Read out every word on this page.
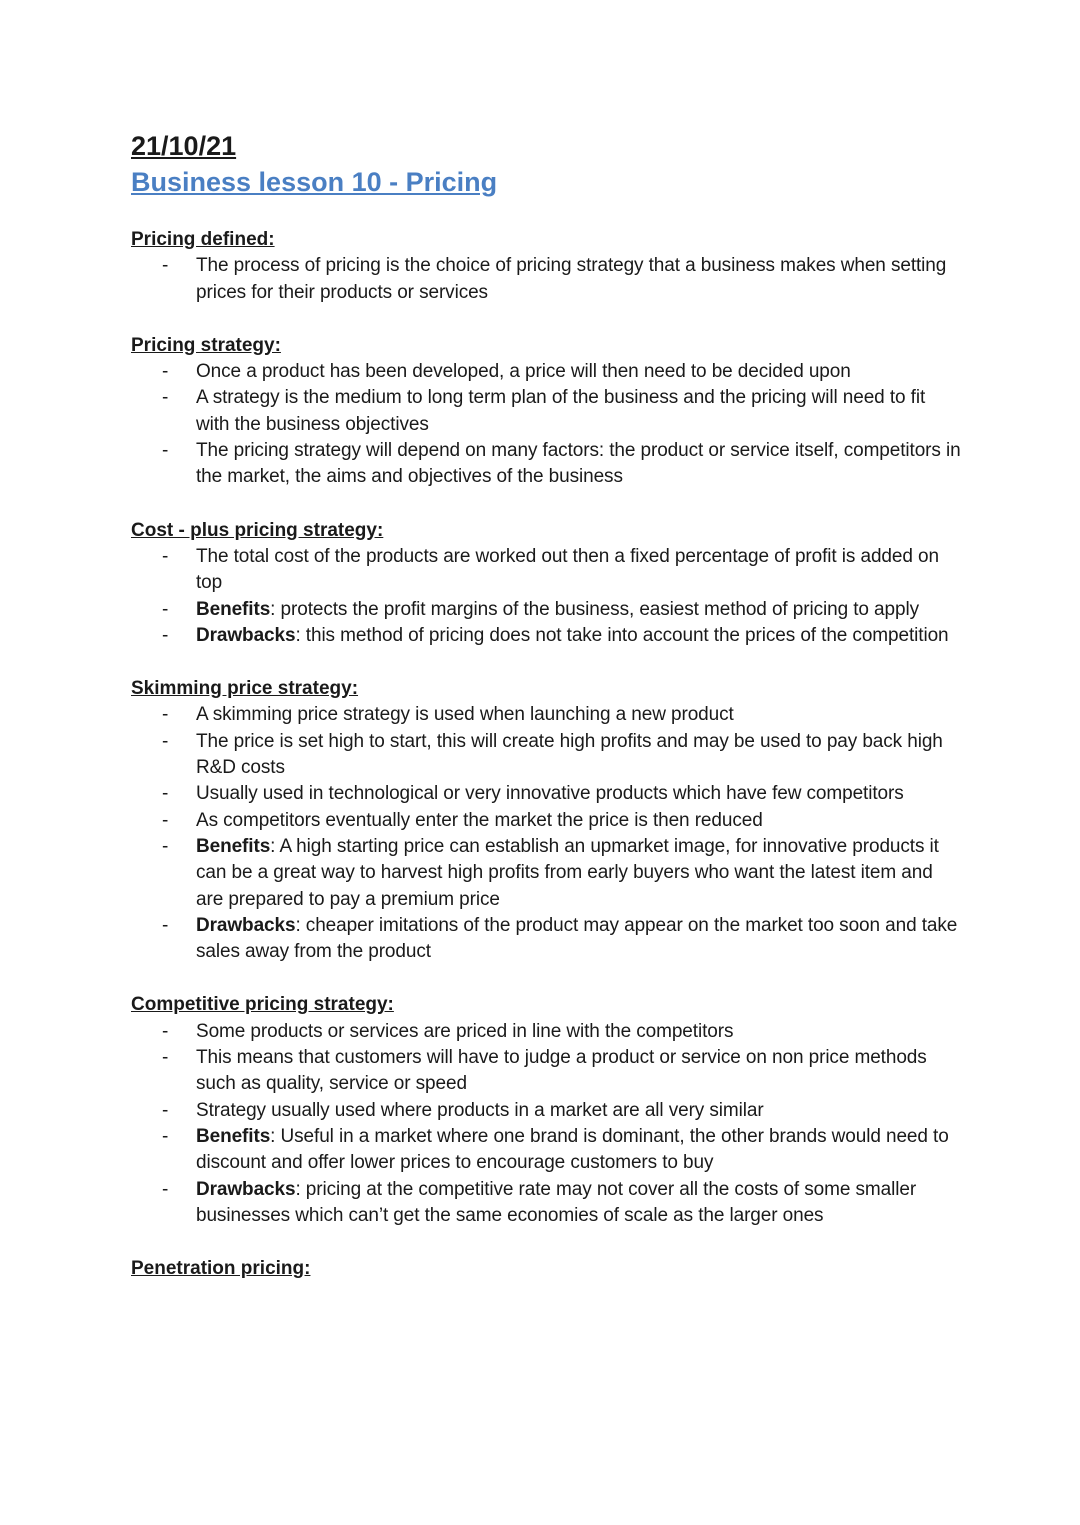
21/10/21
Business lesson 10 - Pricing
Pricing defined:
- The process of pricing is the choice of pricing strategy that a business makes when setting prices for their products or services
Pricing strategy:
- Once a product has been developed, a price will then need to be decided upon
- A strategy is the medium to long term plan of the business and the pricing will need to fit with the business objectives
- The pricing strategy will depend on many factors: the product or service itself, competitors in the market, the aims and objectives of the business
Cost - plus pricing strategy:
- The total cost of the products are worked out then a fixed percentage of profit is added on top
- Benefits: protects the profit margins of the business, easiest method of pricing to apply
- Drawbacks: this method of pricing does not take into account the prices of the competition
Skimming price strategy:
- A skimming price strategy is used when launching a new product
- The price is set high to start, this will create high profits and may be used to pay back high R&D costs
- Usually used in technological or very innovative products which have few competitors
- As competitors eventually enter the market the price is then reduced
- Benefits: A high starting price can establish an upmarket image, for innovative products it can be a great way to harvest high profits from early buyers who want the latest item and are prepared to pay a premium price
- Drawbacks: cheaper imitations of the product may appear on the market too soon and take sales away from the product
Competitive pricing strategy:
- Some products or services are priced in line with the competitors
- This means that customers will have to judge a product or service on non price methods such as quality, service or speed
- Strategy usually used where products in a market are all very similar
- Benefits: Useful in a market where one brand is dominant, the other brands would need to discount and offer lower prices to encourage customers to buy
- Drawbacks: pricing at the competitive rate may not cover all the costs of some smaller businesses which can’t get the same economies of scale as the larger ones
Penetration pricing:
